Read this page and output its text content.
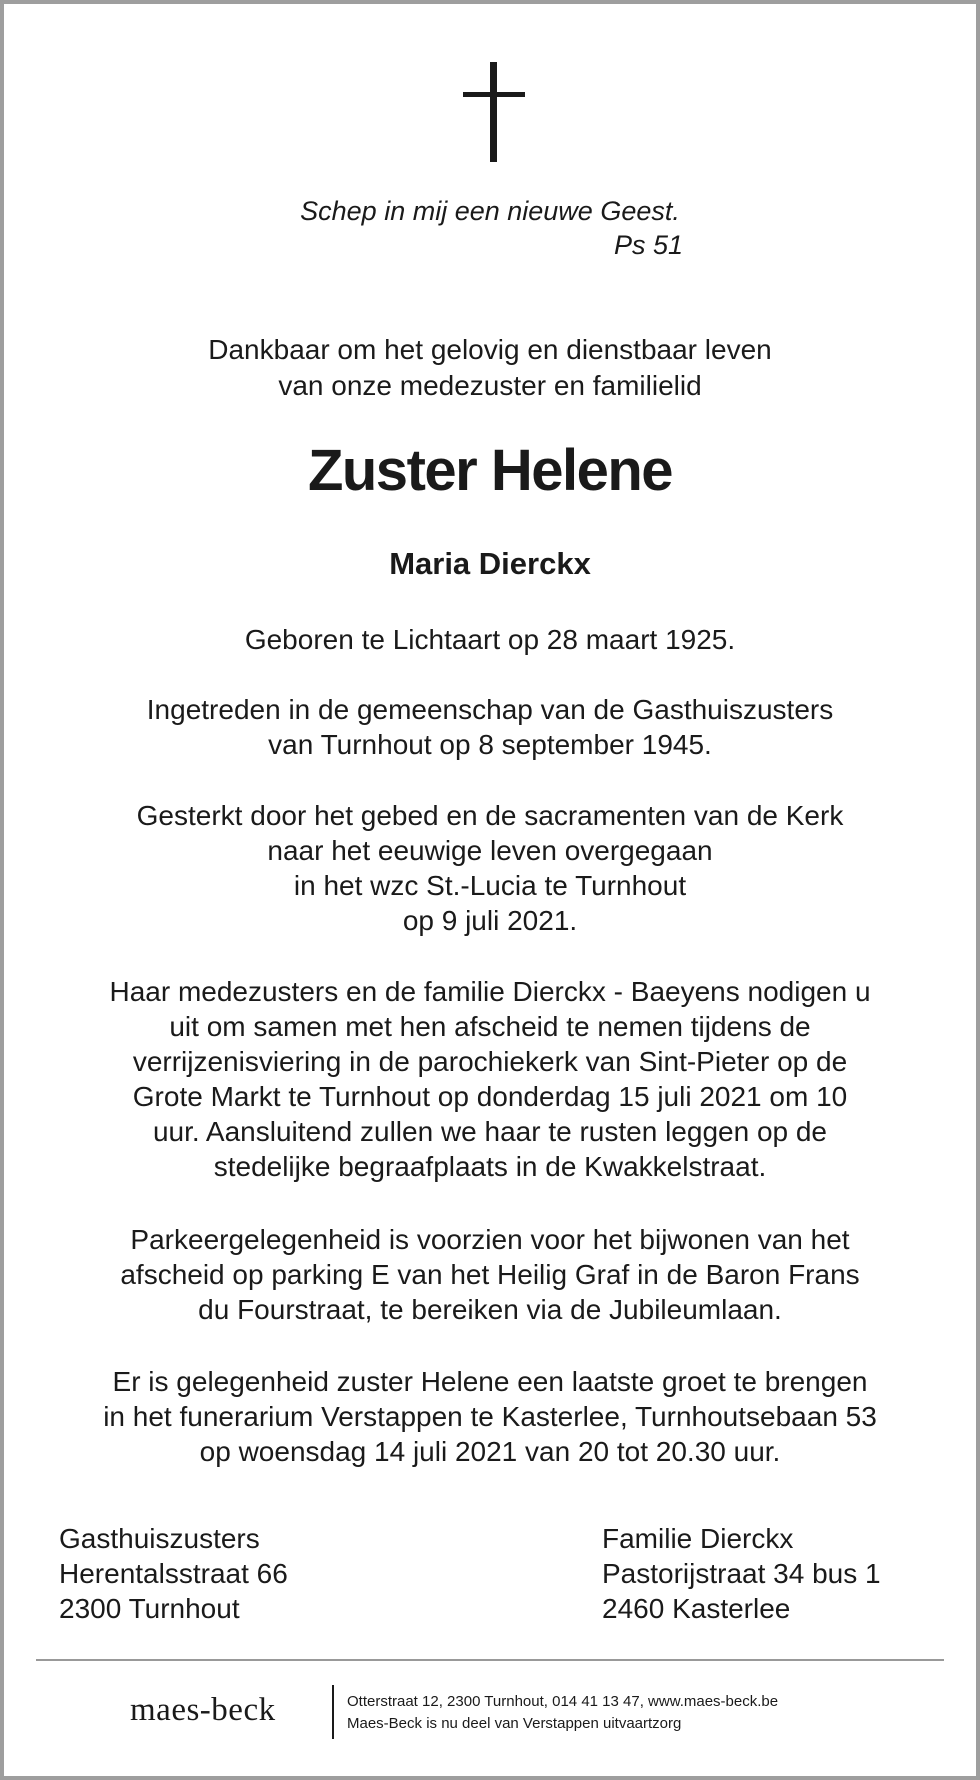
Schep in mij een nieuwe Geest.
Ps 51
Dankbaar om het gelovig en dienstbaar leven
van onze medezuster en familielid
Zuster Helene
Maria Dierckx
Geboren te Lichtaart op 28 maart 1925.
Ingetreden in de gemeenschap van de Gasthuiszusters
van Turnhout op 8 september 1945.
Gesterkt door het gebed en de sacramenten van de Kerk
naar het eeuwige leven overgegaan
in het wzc St.-Lucia te Turnhout
op 9 juli 2021.
Haar medezusters en de familie Dierckx - Baeyens nodigen u
uit om samen met hen afscheid te nemen tijdens de
verrijzenisviering in de parochiekerk van Sint-Pieter op de
Grote Markt te Turnhout op donderdag 15 juli 2021 om 10
uur. Aansluitend zullen we haar te rusten leggen op de
stedelijke begraafplaats in de Kwakkelstraat.
Parkeergelegenheid is voorzien voor het bijwonen van het
afscheid op parking E van het Heilig Graf in de Baron Frans
du Fourstraat, te bereiken via de Jubileumlaan.
Er is gelegenheid zuster Helene een laatste groet te brengen
in het funerarium Verstappen te Kasterlee, Turnhoutsebaan 53
op woensdag 14 juli 2021 van 20 tot 20.30 uur.
Gasthuiszusters
Herentalsstraat 66
2300 Turnhout
Familie Dierckx
Pastorijstraat 34 bus 1
2460 Kasterlee
maes-beck	Otterstraat 12, 2300 Turnhout, 014 41 13 47, www.maes-beck.be
Maes-Beck is nu deel van Verstappen uitvaartzorg
